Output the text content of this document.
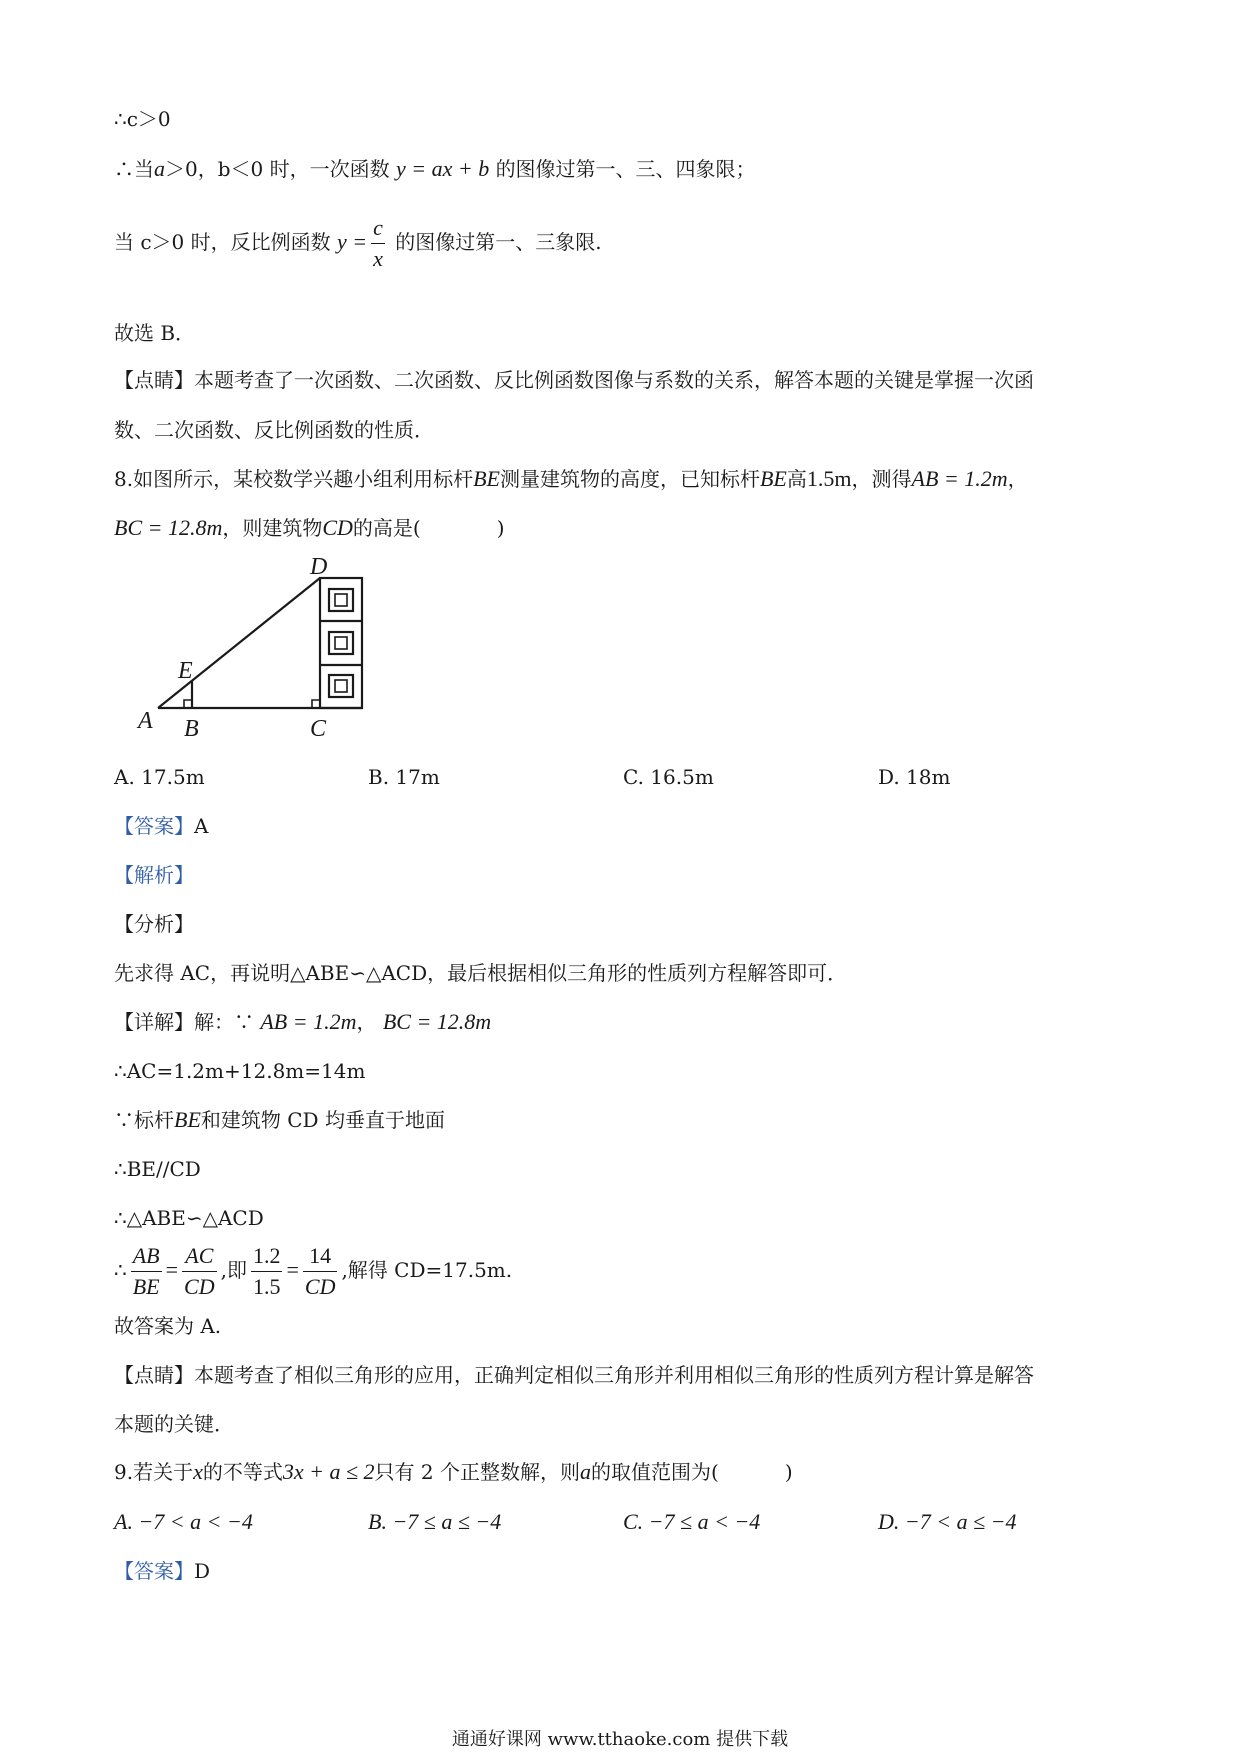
∴c＞0
∴当a＞0，b＜0 时，一次函数 y = ax + b 的图像过第一、三、四象限；
当 c＞0 时，反比例函数 $y = \frac{c}{x}$ 的图像过第一、三象限.
故选 B．
【点睛】本题考查了一次函数、二次函数、反比例函数图像与系数的关系，解答本题的关键是掌握一次函
数、二次函数、反比例函数的性质．
8.如图所示，某校数学兴趣小组利用标杆BE测量建筑物的高度，已知标杆BE高1.5m，测得AB = 1.2m，
BC = 12.8m，则建筑物CD的高是(	)
A B	C
D
E
A. 17.5m	B. 17m	C. 16.5m	D. 18m
【答案】A
【解析】
【分析】
先求得 AC，再说明△ABE∽△ACD，最后根据相似三角形的性质列方程解答即可．
【详解】解：∵ AB = 1.2m， BC = 12.8m
∴AC=1.2m+12.8m=14m
∵标杆BE和建筑物 CD 均垂直于地面
∴BE//CD
∴△ABE∽△ACD
∴ $\frac{AB}{BE} = \frac{AC}{CD}$ ,即 $\frac{1.2}{1.5} = \frac{14}{CD}$ ,解得 CD=17.5m.
故答案为 A.
【点睛】本题考查了相似三角形的应用，正确判定相似三角形并利用相似三角形的性质列方程计算是解答
本题的关键．
9.若关于x的不等式3x + a ≤ 2只有 2 个正整数解，则a的取值范围为(	)
A. −7 < a < −4	B. −7 ≤ a ≤ −4	C. −7 ≤ a < −4	D. −7 < a ≤ −4
【答案】D
通通好课网 www.tthaoke.com 提供下载
